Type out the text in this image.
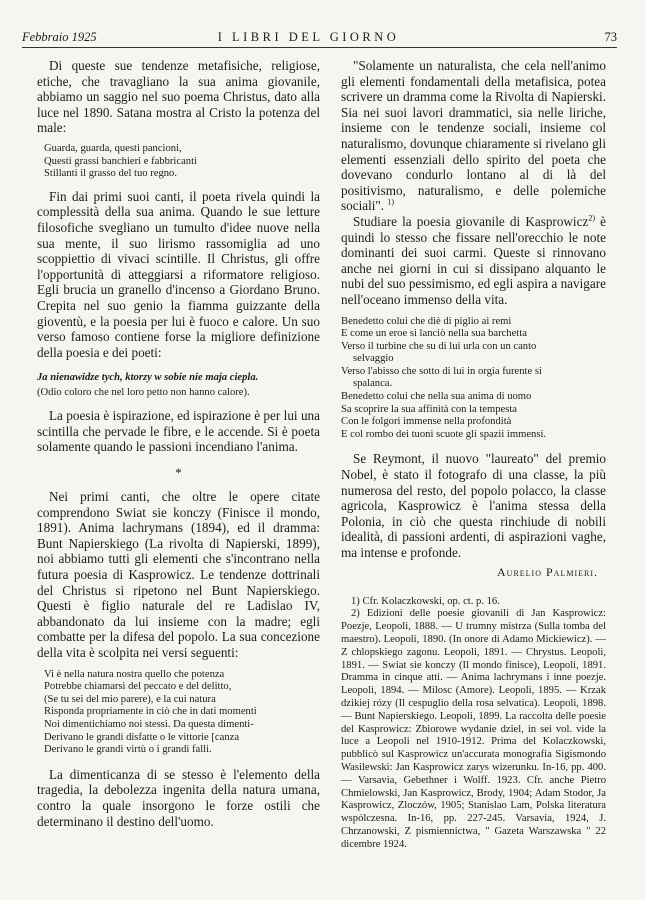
Febbraio 1925	I LIBRI DEL GIORNO	73

Di queste sue tendenze metafisiche, religiose, etiche, che travagliano la sua anima giovanile, abbiamo un saggio nel suo poema Christus, dato alla luce nel 1890. Satana mostra al Cristo la potenza del male:

Guarda, guarda, questi pancioni,
Questi grassi banchieri e fabbricanti
Stillanti il grasso del tuo regno.

Fin dai primi suoi canti, il poeta rivela quindi la complessità della sua anima. Quando le sue letture filosofiche svegliano un tumulto d'idee nuove nella sua mente, il suo lirismo rassomiglia ad uno scoppiettio di vivaci scintille. Il Christus, gli offre l'opportunità di atteggiarsi a riformatore religioso. Egli brucia un granello d'incenso a Giordano Bruno. Crepita nel suo genio la fiamma guizzante della gioventù, e la poesia per lui è fuoco e calore. Un suo verso famoso contiene forse la migliore definizione della poesia e dei poeti:

Ja nienawidze tych, ktorzy w sobie nie maja ciepla.
(Odio coloro che nel loro petto non hanno calore).

La poesia è ispirazione, ed ispirazione è per lui una scintilla che pervade le fibre, e le accende. Si è poeta solamente quando le passioni incendiano l'anima.

*

Nei primi canti, che oltre le opere citate comprendono Swiat sie konczy (Finisce il mondo, 1891). Anima lachrymans (1894), ed il dramma: Bunt Napierskiego (La rivolta di Napierski, 1899), noi abbiamo tutti gli elementi che s'incontrano nella futura poesia di Kasprowicz. Le tendenze dottrinali del Christus si ripetono nel Bunt Napierskiego. Questi è figlio naturale del re Ladislao IV, abbandonato da lui insieme con la madre; egli combatte per la difesa del popolo. La sua concezione della vita è scolpita nei versi seguenti:

Vi è nella natura nostra quello che potenza
Potrebbe chiamarsi del peccato e del delitto,
(Se tu sei del mio parere), e la cui natura
Risponda propriamente in ciò che in dati momenti
Noi dimentichiamo noi stessi. Da questa dimenti-
Derivano le grandi disfatte o le vittorie [canza
Derivano le grandi virtù o i grandi falli.

La dimenticanza di se stesso è l'elemento della tragedia, la debolezza ingenita della natura umana, contro la quale insorgono le forze ostili che determinano il destino dell'uomo.

"Solamente un naturalista, che cela nell'animo gli elementi fondamentali della metafisica, potea scrivere un dramma come la Rivolta di Napierski. Sia nei suoi lavori drammatici, sia nelle liriche, insieme con le tendenze sociali, insieme col naturalismo, dovunque chiaramente si rivelano gli elementi essenziali dello spirito del poeta che dovevano condurlo lontano al di là del positivismo, naturalismo, e delle polemiche sociali". $^{1)}$

Studiare la poesia giovanile di Kasprowicz$^{2)}$ è quindi lo stesso che fissare nell'orecchio le note dominanti dei suoi carmi. Queste si rinnovano anche nei giorni in cui si dissipano alquanto le nubi del suo pessimismo, ed egli aspira a navigare nell'oceano immenso della vita.

Benedetto colui che diè di piglio ai remi
E come un eroe si lanciò nella sua barchetta
Verso il turbine che su di lui urla con un canto
selvaggio
Verso l'abisso che sotto di lui in orgia furente si
spalanca.
Benedetto colui che nella sua anima di uomo
Sa scoprire la sua affinità con la tempesta
Con le folgori immense nella profondità
E col rombo dei tuoni scuote gli spazii immensi.

Se Reymont, il nuovo "laureato" del premio Nobel, è stato il fotografo di una classe, la più numerosa del resto, del popolo polacco, la classe agricola, Kasprowicz è l'anima stessa della Polonia, in ciò che questa rinchiude di nobili idealità, di passioni ardenti, di aspirazioni vaghe, ma intense e profonde.

Aurelio Palmieri.

1) Cfr. Kolaczkowski, op. ct. p. 16.

2) Edizioni delle poesie giovanili di Jan Kasprowicz: Poezje, Leopoli, 1888. — U trumny mistrza (Sulla tomba del maestro). Leopoli, 1890. (In onore di Adamo Mickiewicz). — Z chlopskiego zagonu. Leopoli, 1891. — Chrystus. Leopoli, 1891. — Swiat sie konczy (Il mondo finisce), Leopoli, 1891. Dramma in cinque atti. — Anima lachrymans i inne poezje. Leopoli, 1894. — Milosc (Amore). Leopoli, 1895. — Krzak dzikiej rózy (Il cespuglio della rosa selvatica). Leopoli, 1898. — Bunt Napierskiego. Leopoli, 1899. La raccolta delle poesie del Kasprowicz: Zbiorowe wydanie dziel, in sei vol. vide la luce a Leopoli nel 1910-1912. Prima del Kolaczkowski, pubblicò sul Kasprowicz un'accurata monografia Sigismondo Wasilewski: Jan Kasprowicz zarys wizerunku. In-16, pp. 400. — Varsavia, Gebethner i Wolff. 1923. Cfr. anche Pietro Chmielowski, Jan Kasprowicz, Brody, 1904; Adam Stodor, Ja Kasprowicz, Zloczów, 1905; Stanislao Lam, Polska literatura wspólczesna. In-16, pp. 227-245. Varsavia, 1924, J. Chrzanowski, Z pismiennictwa, " Gazeta Warszawska " 22 dicembre 1924.
